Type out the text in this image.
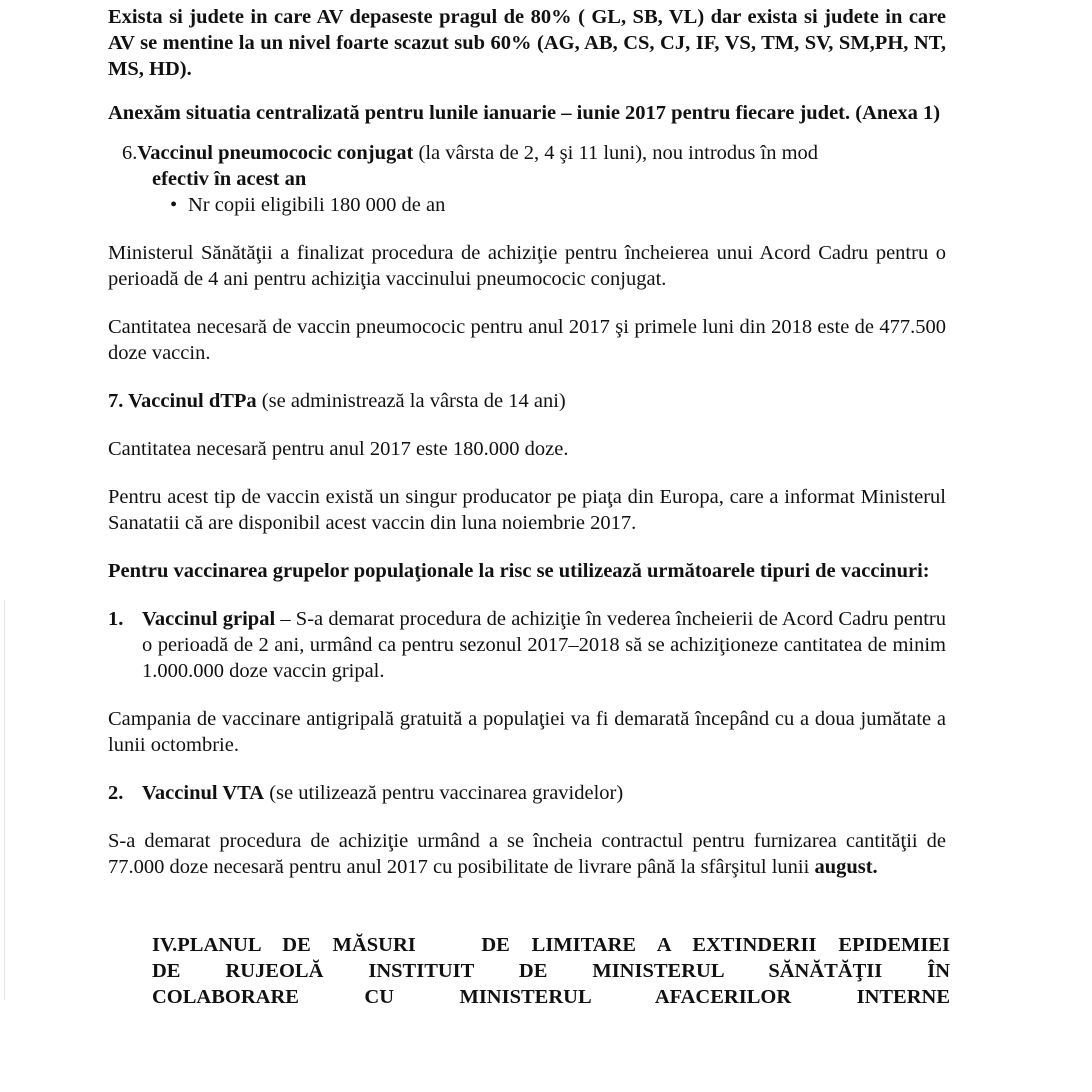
Exista si judete in care AV depaseste pragul de 80% ( GL, SB, VL) dar exista si judete in care AV se mentine la un nivel foarte scazut sub 60% (AG, AB, CS, CJ, IF, VS, TM, SV, SM,PH, NT, MS, HD).

Anexăm situatia centralizată pentru lunile ianuarie – iunie 2017 pentru fiecare judet. (Anexa 1)

6.Vaccinul pneumococic conjugat (la vârsta de 2, 4 şi 11 luni), nou introdus în mod
efectiv în acest an
• Nr copii eligibili 180 000 de an

Ministerul Sănătăţii a finalizat procedura de achiziţie pentru încheierea unui Acord Cadru pentru o perioadă de 4 ani pentru achiziţia vaccinului pneumococic conjugat.

Cantitatea necesară de vaccin pneumococic pentru anul 2017 şi primele luni din 2018 este de 477.500 doze vaccin.

7. Vaccinul dTPa (se administrează la vârsta de 14 ani)

Cantitatea necesară pentru anul 2017 este 180.000 doze.

Pentru acest tip de vaccin există un singur producator pe piaţa din Europa, care a informat Ministerul Sanatatii că are disponibil acest vaccin din luna noiembrie 2017.

Pentru vaccinarea grupelor populaţionale la risc se utilizează următoarele tipuri de vaccinuri:

1. Vaccinul gripal – S-a demarat procedura de achiziţie în vederea încheierii de Acord Cadru pentru o perioadă de 2 ani, urmând ca pentru sezonul 2017–2018 să se achiziţioneze cantitatea de minim 1.000.000 doze vaccin gripal.

Campania de vaccinare antigripală gratuită a populaţiei va fi demarată începând cu a doua jumătate a lunii octombrie.

2. Vaccinul VTA (se utilizează pentru vaccinarea gravidelor)

S-a demarat procedura de achiziţie urmând a se încheia contractul pentru furnizarea cantităţii de 77.000 doze necesară pentru anul 2017 cu posibilitate de livrare până la sfârşitul lunii august.

IV.PLANUL DE MĂSURI   DE LIMITARE A EXTINDERII EPIDEMIEI
DE RUJEOLĂ INSTITUIT DE MINISTERUL SĂNĂTĂŢII ÎN
COLABORARE CU MINISTERUL AFACERILOR INTERNE
